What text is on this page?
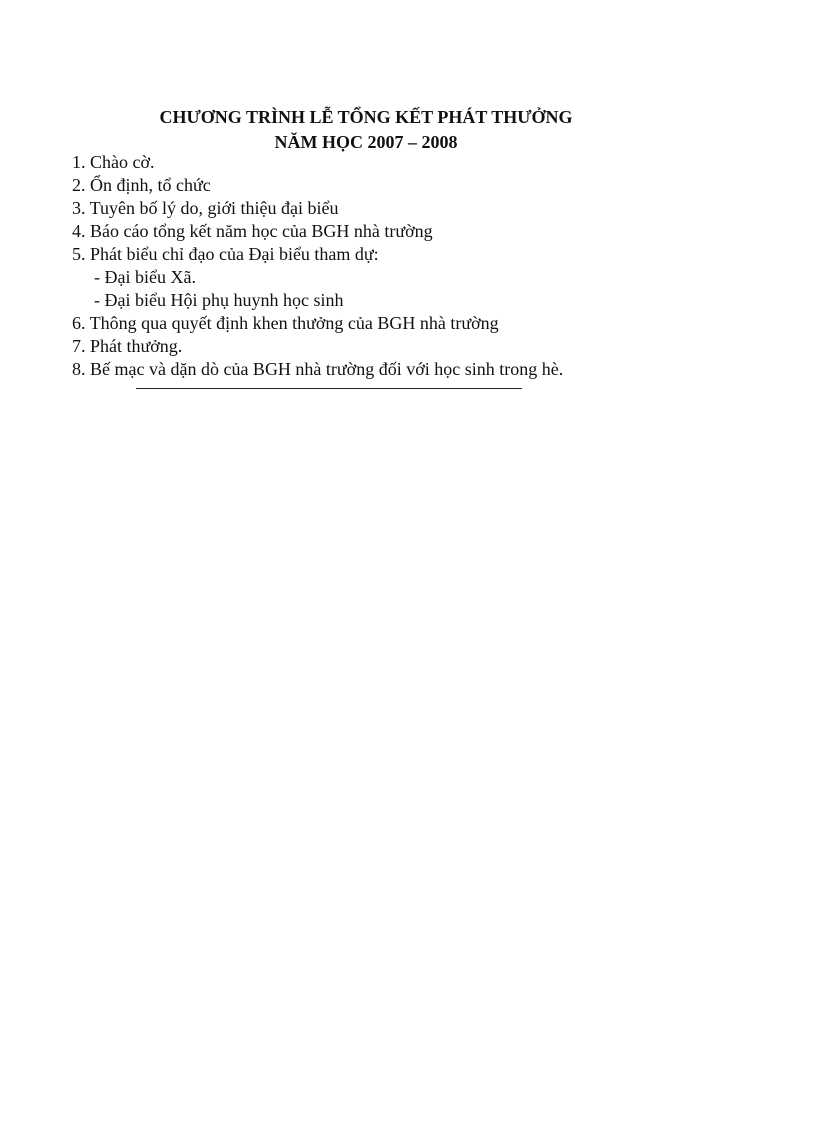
CHƯƠNG TRÌNH LỄ TỔNG KẾT PHÁT THƯỞNG
NĂM HỌC 2007 – 2008
1. Chào cờ.
2. Ổn định, tổ chức
3. Tuyên bố lý do, giới thiệu đại biểu
4. Báo cáo tổng kết năm học của BGH nhà trường
5. Phát biểu chỉ đạo của Đại biểu tham dự:
- Đại biểu Xã.
- Đại biểu Hội phụ huynh học sinh
6. Thông qua quyết định khen thưởng của BGH nhà trường
7. Phát thưởng.
8. Bế mạc và dặn dò của BGH nhà trường đối với học sinh trong hè.
